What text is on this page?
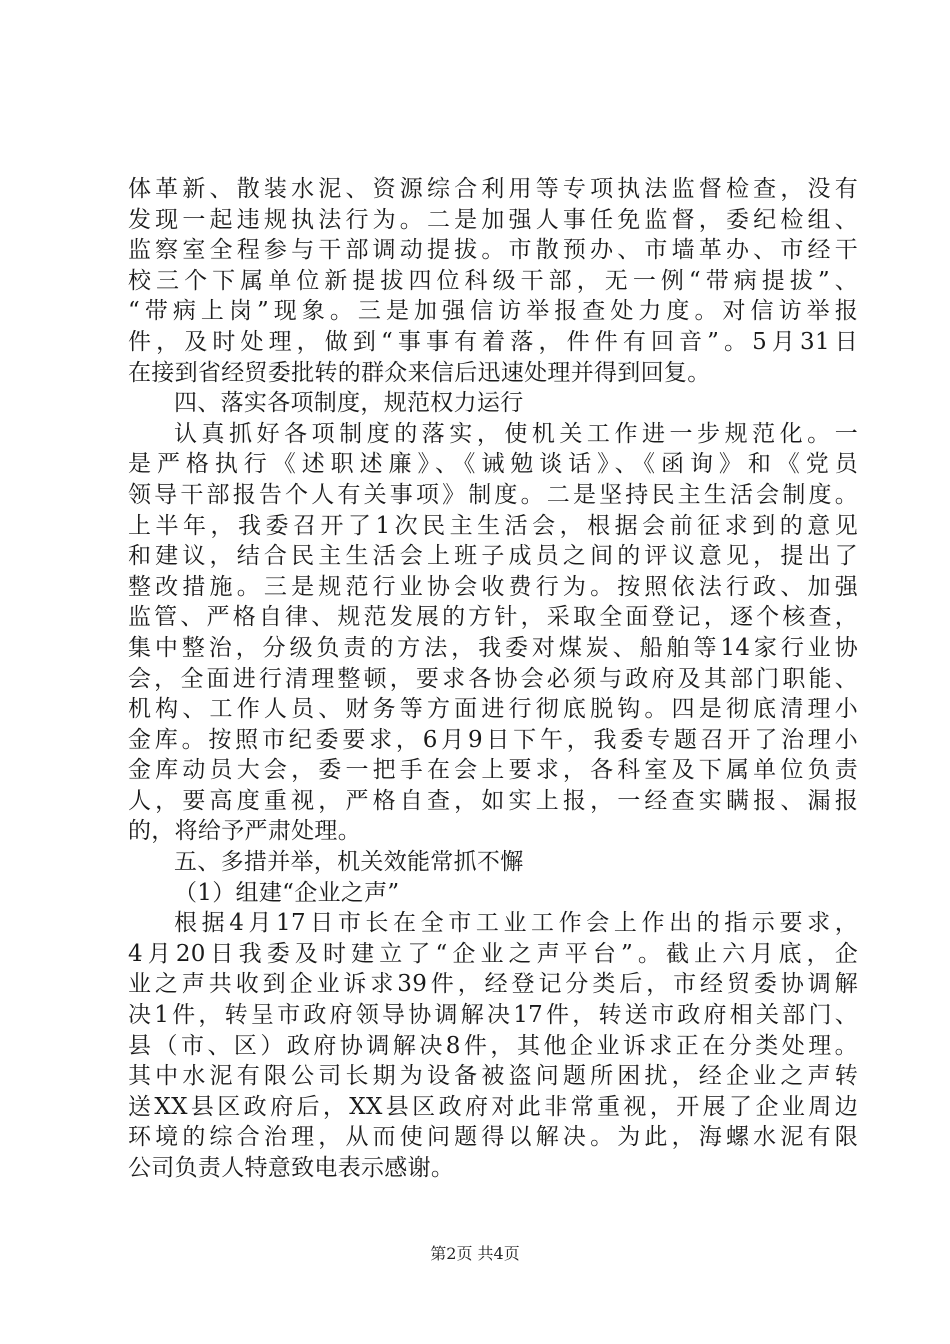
体革新、散装水泥、资源综合利用等专项执法监督检查，没有
发现一起违规执法行为。二是加强人事任免监督，委纪检组、
监察室全程参与干部调动提拔。市散预办、市墙革办、市经干
校三个下属单位新提拔四位科级干部，无一例“带病提拔”、
“带病上岗”现象。三是加强信访举报查处力度。对信访举报
件，及时处理，做到“事事有着落，件件有回音”。5月31日
在接到省经贸委批转的群众来信后迅速处理并得到回复。
四、落实各项制度，规范权力运行
认真抓好各项制度的落实，使机关工作进一步规范化。一
是严格执行《述职述廉》、《诫勉谈话》、《函询》和《党员
领导干部报告个人有关事项》制度。二是坚持民主生活会制度。
上半年，我委召开了1次民主生活会，根据会前征求到的意见
和建议，结合民主生活会上班子成员之间的评议意见，提出了
整改措施。三是规范行业协会收费行为。按照依法行政、加强
监管、严格自律、规范发展的方针，采取全面登记，逐个核查，
集中整治，分级负责的方法，我委对煤炭、船舶等14家行业协
会，全面进行清理整顿，要求各协会必须与政府及其部门职能、
机构、工作人员、财务等方面进行彻底脱钩。四是彻底清理小
金库。按照市纪委要求，6月9日下午，我委专题召开了治理小
金库动员大会，委一把手在会上要求，各科室及下属单位负责
人，要高度重视，严格自查，如实上报，一经查实瞒报、漏报
的，将给予严肃处理。
五、多措并举，机关效能常抓不懈
（1）组建“企业之声”
根据4月17日市长在全市工业工作会上作出的指示要求，
4月20日我委及时建立了“企业之声平台”。截止六月底，企
业之声共收到企业诉求39件，经登记分类后，市经贸委协调解
决1件，转呈市政府领导协调解决17件，转送市政府相关部门、
县（市、区）政府协调解决8件，其他企业诉求正在分类处理。
其中水泥有限公司长期为设备被盗问题所困扰，经企业之声转
送XX县区政府后，XX县区政府对此非常重视，开展了企业周边
环境的综合治理，从而使问题得以解决。为此，海螺水泥有限
公司负责人特意致电表示感谢。
第2页 共4页
